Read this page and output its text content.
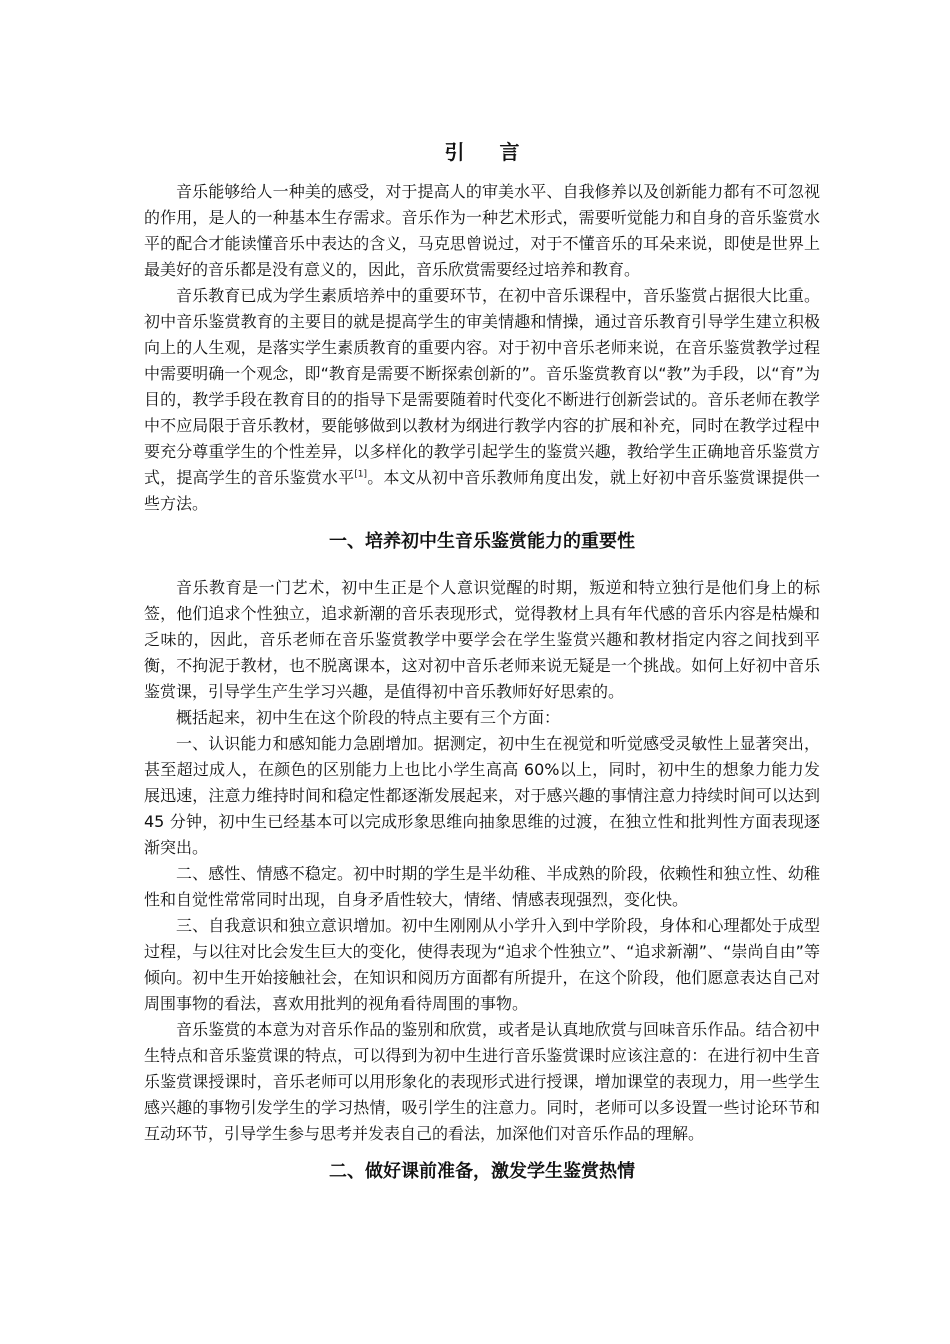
引 言

音乐能够给人一种美的感受，对于提高人的审美水平、自我修养以及创新能力都有不可忽视的作用，是人的一种基本生存需求。音乐作为一种艺术形式，需要听觉能力和自身的音乐鉴赏水平的配合才能读懂音乐中表达的含义，马克思曾说过，对于不懂音乐的耳朵来说，即使是世界上最美好的音乐都是没有意义的，因此，音乐欣赏需要经过培养和教育。

音乐教育已成为学生素质培养中的重要环节，在初中音乐课程中，音乐鉴赏占据很大比重。初中音乐鉴赏教育的主要目的就是提高学生的审美情趣和情操，通过音乐教育引导学生建立积极向上的人生观，是落实学生素质教育的重要内容。对于初中音乐老师来说，在音乐鉴赏教学过程中需要明确一个观念，即“教育是需要不断探索创新的”。音乐鉴赏教育以“教”为手段，以“育”为目的，教学手段在教育目的的指导下是需要随着时代变化不断进行创新尝试的。音乐老师在教学中不应局限于音乐教材，要能够做到以教材为纲进行教学内容的扩展和补充，同时在教学过程中要充分尊重学生的个性差异，以多样化的教学引起学生的鉴赏兴趣，教给学生正确地音乐鉴赏方式，提高学生的音乐鉴赏水平[1]。本文从初中音乐教师角度出发，就上好初中音乐鉴赏课提供一些方法。

一、培养初中生音乐鉴赏能力的重要性

音乐教育是一门艺术，初中生正是个人意识觉醒的时期，叛逆和特立独行是他们身上的标签，他们追求个性独立，追求新潮的音乐表现形式，觉得教材上具有年代感的音乐内容是枯燥和乏味的，因此，音乐老师在音乐鉴赏教学中要学会在学生鉴赏兴趣和教材指定内容之间找到平衡，不拘泥于教材，也不脱离课本，这对初中音乐老师来说无疑是一个挑战。如何上好初中音乐鉴赏课，引导学生产生学习兴趣，是值得初中音乐教师好好思索的。

概括起来，初中生在这个阶段的特点主要有三个方面：

一、认识能力和感知能力急剧增加。据测定，初中生在视觉和听觉感受灵敏性上显著突出，甚至超过成人，在颜色的区别能力上也比小学生高高 60%以上，同时，初中生的想象力能力发展迅速，注意力维持时间和稳定性都逐渐发展起来，对于感兴趣的事情注意力持续时间可以达到 45 分钟，初中生已经基本可以完成形象思维向抽象思维的过渡，在独立性和批判性方面表现逐渐突出。

二、感性、情感不稳定。初中时期的学生是半幼稚、半成熟的阶段，依赖性和独立性、幼稚性和自觉性常常同时出现，自身矛盾性较大，情绪、情感表现强烈，变化快。

三、自我意识和独立意识增加。初中生刚刚从小学升入到中学阶段，身体和心理都处于成型过程，与以往对比会发生巨大的变化，使得表现为“追求个性独立”、“追求新潮”、“崇尚自由”等倾向。初中生开始接触社会，在知识和阅历方面都有所提升，在这个阶段，他们愿意表达自己对周围事物的看法，喜欢用批判的视角看待周围的事物。

音乐鉴赏的本意为对音乐作品的鉴别和欣赏，或者是认真地欣赏与回味音乐作品。结合初中生特点和音乐鉴赏课的特点，可以得到为初中生进行音乐鉴赏课时应该注意的：在进行初中生音乐鉴赏课授课时，音乐老师可以用形象化的表现形式进行授课，增加课堂的表现力，用一些学生感兴趣的事物引发学生的学习热情，吸引学生的注意力。同时，老师可以多设置一些讨论环节和互动环节，引导学生参与思考并发表自己的看法，加深他们对音乐作品的理解。

二、做好课前准备，激发学生鉴赏热情
